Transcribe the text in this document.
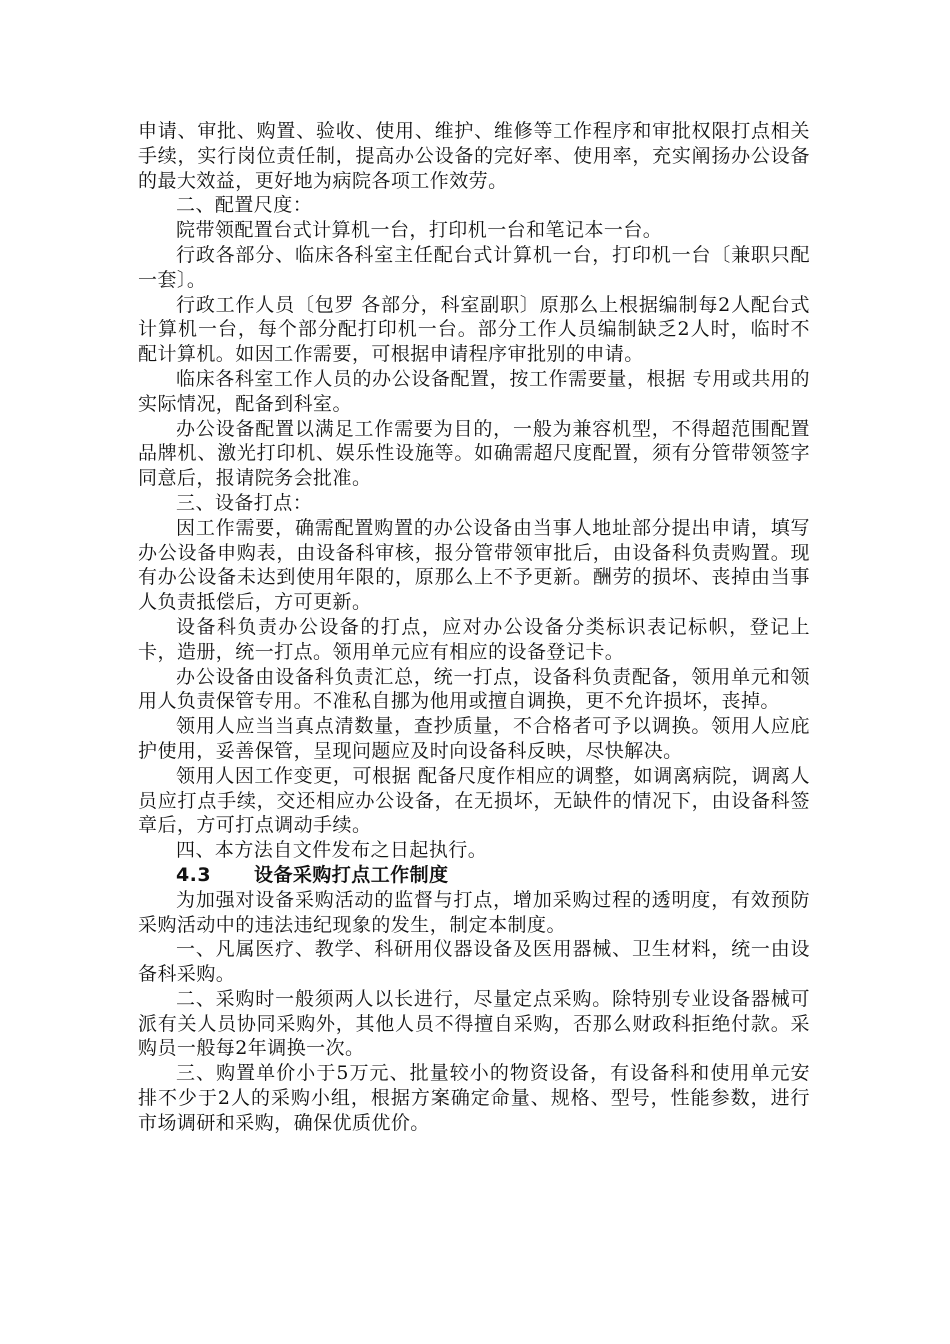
申请、审批、购置、验收、使用、维护、维修等工作程序和审批权限打点相关手续，实行岗位责任制，提高办公设备的完好率、使用率，充实阐扬办公设备的最大效益，更好地为病院各项工作效劳。

二、配置尺度：

院带领配置台式计算机一台，打印机一台和笔记本一台。

行政各部分、临床各科室主任配台式计算机一台，打印机一台〔兼职只配一套〕。

行政工作人员〔包罗 各部分，科室副职〕原那么上根据编制每2人配台式计算机一台，每个部分配打印机一台。部分工作人员编制缺乏2人时，临时不配计算机。如因工作需要，可根据申请程序审批别的申请。

临床各科室工作人员的办公设备配置，按工作需要量，根据 专用或共用的实际情况，配备到科室。

办公设备配置以满足工作需要为目的，一般为兼容机型，不得超范围配置品牌机、激光打印机、娱乐性设施等。如确需超尺度配置，须有分管带领签字同意后，报请院务会批准。

三、设备打点：

因工作需要，确需配置购置的办公设备由当事人地址部分提出申请，填写办公设备申购表，由设备科审核，报分管带领审批后，由设备科负责购置。现有办公设备未达到使用年限的，原那么上不予更新。酬劳的损坏、丧掉由当事人负责抵偿后，方可更新。

设备科负责办公设备的打点，应对办公设备分类标识表记标帜，登记上卡，造册，统一打点。领用单元应有相应的设备登记卡。

办公设备由设备科负责汇总，统一打点，设备科负责配备，领用单元和领用人负责保管专用。不准私自挪为他用或擅自调换，更不允许损坏，丧掉。

领用人应当当真点清数量，查抄质量，不合格者可予以调换。领用人应庇护使用，妥善保管，呈现问题应及时向设备科反映，尽快解决。

领用人因工作变更，可根据 配备尺度作相应的调整，如调离病院，调离人员应打点手续，交还相应办公设备，在无损坏，无缺件的情况下，由设备科签章后，方可打点调动手续。

四、本方法自文件发布之日起执行。

4.3 设备采购打点工作制度

为加强对设备采购活动的监督与打点，增加采购过程的透明度，有效预防采购活动中的违法违纪现象的发生，制定本制度。

一、凡属医疗、教学、科研用仪器设备及医用器械、卫生材料，统一由设备科采购。

二、采购时一般须两人以长进行，尽量定点采购。除特别专业设备器械可派有关人员协同采购外，其他人员不得擅自采购，否那么财政科拒绝付款。采购员一般每2年调换一次。

三、购置单价小于5万元、批量较小的物资设备，有设备科和使用单元安排不少于2人的采购小组，根据方案确定命量、规格、型号，性能参数，进行市场调研和采购，确保优质优价。
